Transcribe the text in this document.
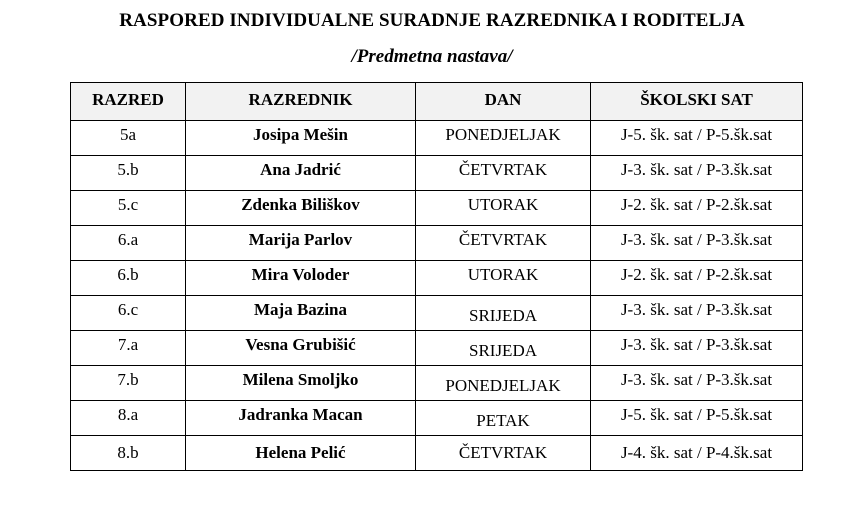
RASPORED INDIVIDUALNE SURADNJE RAZREDNIKA I RODITELJA
/Predmetna nastava/
RAZRED	RAZREDNIK	DAN	ŠKOLSKI SAT
5a	Josipa Mešin	PONEDJELJAK	J-5. šk. sat / P-5.šk.sat
5.b	Ana Jadrić	ČETVRTAK	J-3. šk. sat / P-3.šk.sat
5.c	Zdenka Biliškov	UTORAK	J-2. šk. sat / P-2.šk.sat
6.a	Marija Parlov	ČETVRTAK	J-3. šk. sat / P-3.šk.sat
6.b	Mira Voloder	UTORAK	J-2. šk. sat / P-2.šk.sat
6.c	Maja Bazina	SRIJEDA	J-3. šk. sat / P-3.šk.sat
7.a	Vesna Grubišić	SRIJEDA	J-3. šk. sat / P-3.šk.sat
7.b	Milena Smoljko	PONEDJELJAK	J-3. šk. sat / P-3.šk.sat
8.a	Jadranka Macan	PETAK	J-5. šk. sat / P-5.šk.sat
8.b	Helena Pelić	ČETVRTAK	J-4. šk. sat / P-4.šk.sat
